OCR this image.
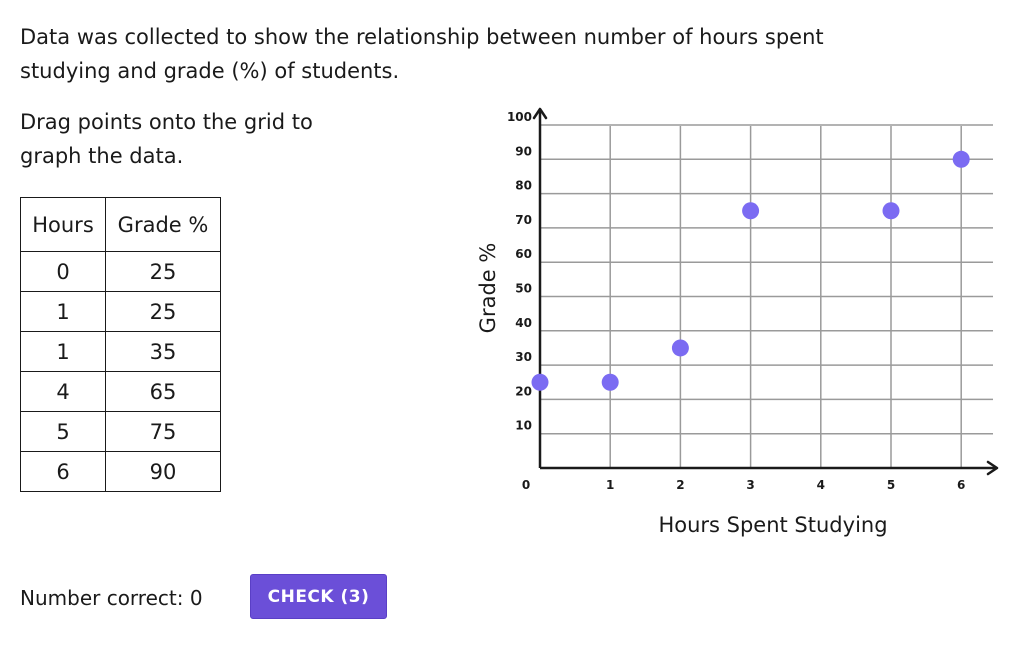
Data was collected to show the relationship between number of hours spent studying and grade (%) of students.

Drag points onto the grid to graph the data.

Hours	Grade %
0	25
1	25
1	35
4	65
5	75
6	90
10
20
30
40
50
60
70
80
90
100
0	1	2	3	4	5	6
Grade %
Hours Spent Studying

Number correct: 0	CHECK (3)
